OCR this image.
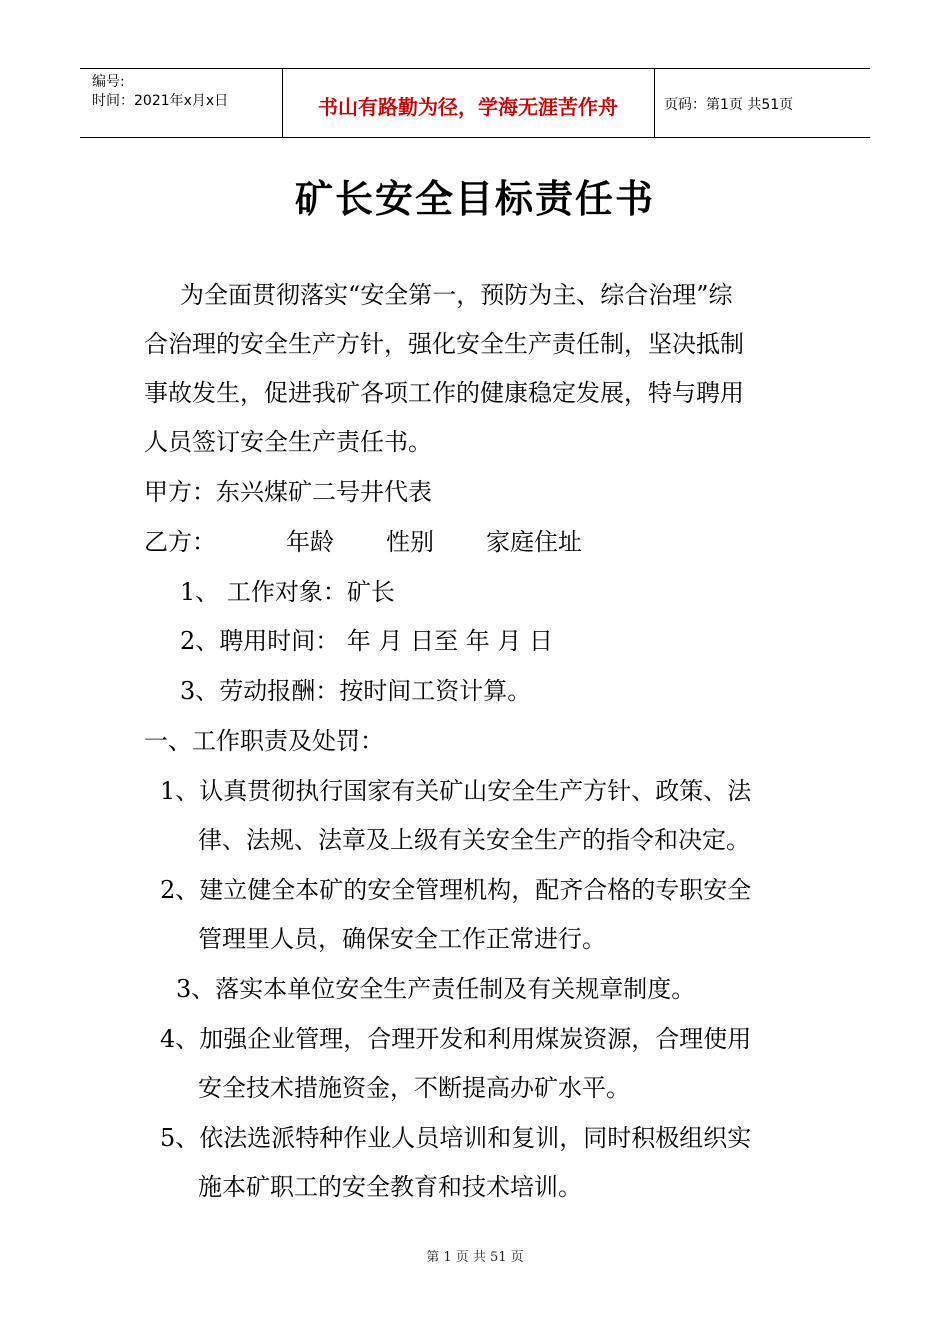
编号:
时间：2021年x月x日	书山有路勤为径，学海无涯苦作舟	页码：第1页 共51页
矿长安全目标责任书
为全面贯彻落实“安全第一，预防为主、综合治理”综
合治理的安全生产方针，强化安全生产责任制，坚决抵制
事故发生，促进我矿各项工作的健康稳定发展，特与聘用
人员签订安全生产责任书。
甲方：东兴煤矿二号井代表
乙方：	年龄 性别 家庭住址
1、 工作对象：矿长
2、聘用时间： 年 月 日至 年 月 日
3、劳动报酬：按时间工资计算。
一、工作职责及处罚：
1、认真贯彻执行国家有关矿山安全生产方针、政策、法
律、法规、法章及上级有关安全生产的指令和决定。
2、建立健全本矿的安全管理机构，配齐合格的专职安全
管理里人员，确保安全工作正常进行。
3、落实本单位安全生产责任制及有关规章制度。
4、加强企业管理，合理开发和利用煤炭资源，合理使用
安全技术措施资金，不断提高办矿水平。
5、依法选派特种作业人员培训和复训，同时积极组织实
施本矿职工的安全教育和技术培训。
第 1 页 共 51 页
